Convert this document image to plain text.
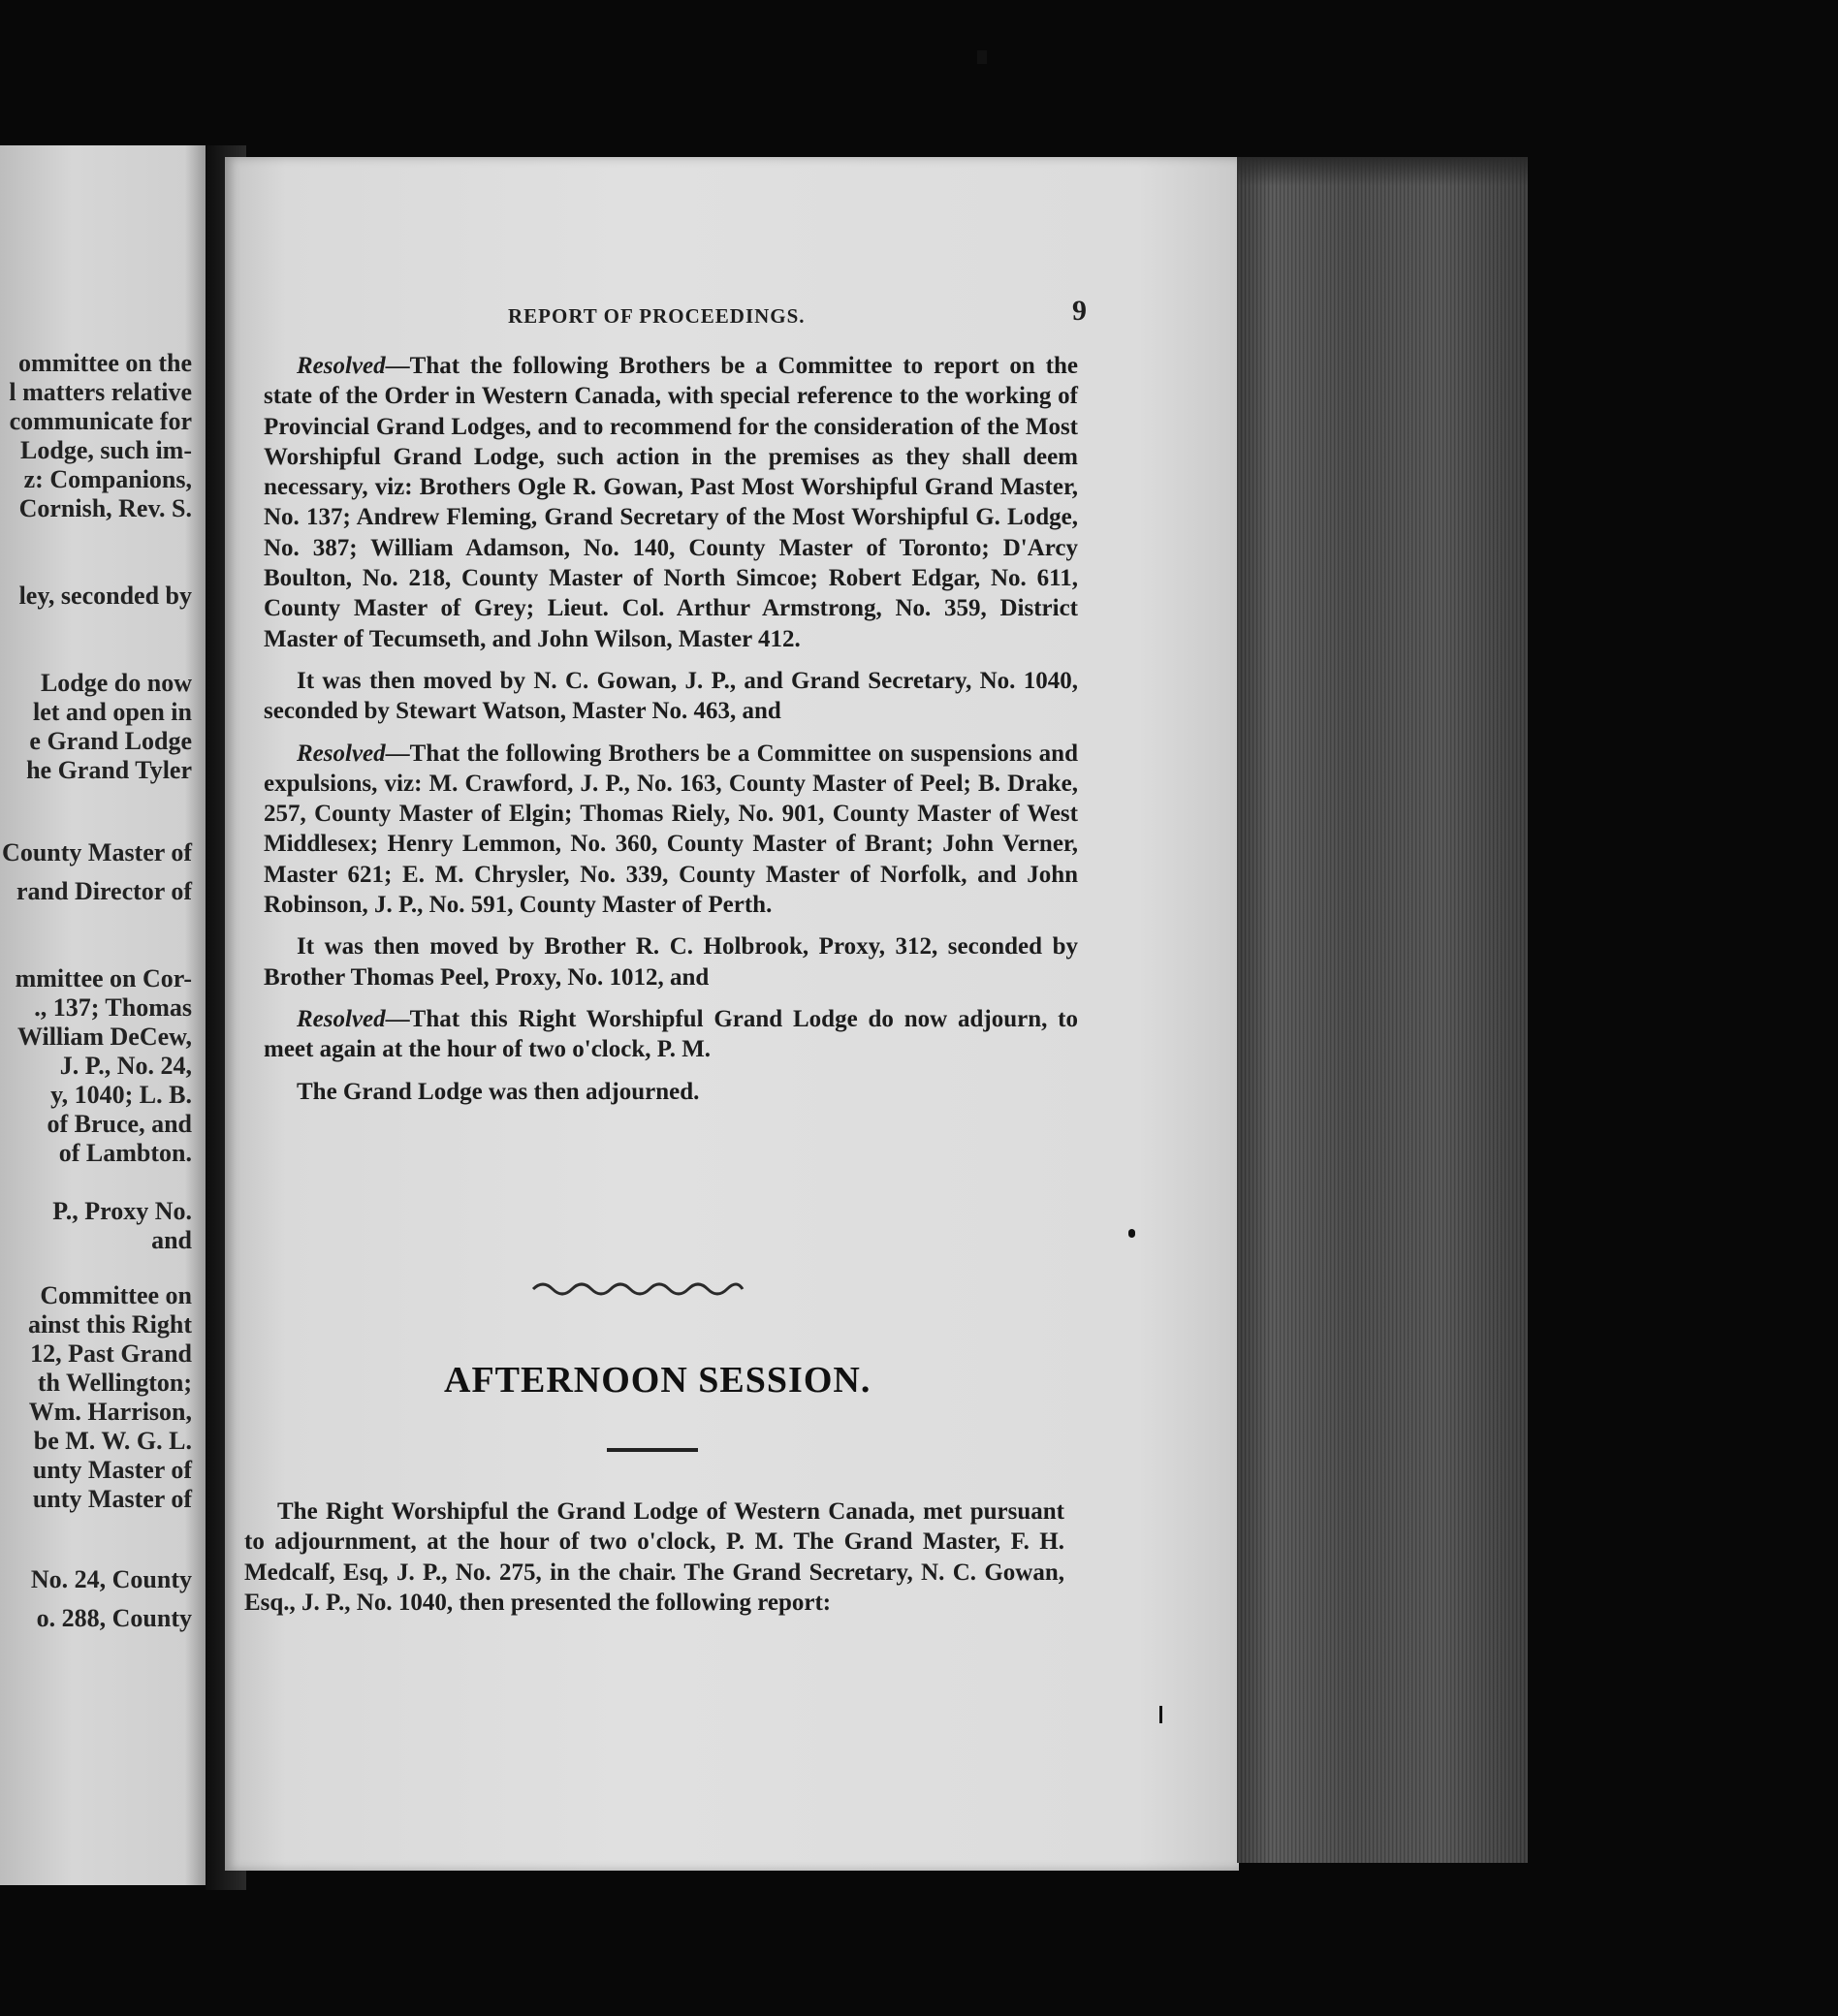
ommittee on the
l matters relative
communicate for
Lodge, such im-
z: Companions,
Cornish, Rev. S.
ley, seconded by
Lodge do now
let and open in
e Grand Lodge
he Grand Tyler
County Master of
rand Director of
mmittee on Cor-
., 137; Thomas
William DeCew,
J. P., No. 24,
y, 1040; L. B.
of Bruce, and
of Lambton.
P., Proxy No.
and
Committee on
ainst this Right
12, Past Grand
th Wellington;
Wm. Harrison,
be M. W. G. L.
unty Master of
unty Master of
No. 24, County
o. 288, County
REPORT OF PROCEEDINGS.	9

Resolved—That the following Brothers be a Committee to report on the state of the Order in Western Canada, with special reference to the working of Provincial Grand Lodges, and to recommend for the consideration of the Most Worshipful Grand Lodge, such action in the premises as they shall deem necessary, viz: Brothers Ogle R. Gowan, Past Most Worshipful Grand Master, No. 137; Andrew Fleming, Grand Secretary of the Most Worshipful G. Lodge, No. 387; William Adamson, No. 140, County Master of Toronto; D'Arcy Boulton, No. 218, County Master of North Simcoe; Robert Edgar, No. 611, County Master of Grey; Lieut. Col. Arthur Armstrong, No. 359, District Master of Tecumseth, and John Wilson, Master 412.

It was then moved by N. C. Gowan, J. P., and Grand Secretary, No. 1040, seconded by Stewart Watson, Master No. 463, and

Resolved—That the following Brothers be a Committee on suspensions and expulsions, viz: M. Crawford, J. P., No. 163, County Master of Peel; B. Drake, 257, County Master of Elgin; Thomas Riely, No. 901, County Master of West Middlesex; Henry Lemmon, No. 360, County Master of Brant; John Verner, Master 621; E. M. Chrysler, No. 339, County Master of Norfolk, and John Robinson, J. P., No. 591, County Master of Perth.

It was then moved by Brother R. C. Holbrook, Proxy, 312, seconded by Brother Thomas Peel, Proxy, No. 1012, and

Resolved—That this Right Worshipful Grand Lodge do now adjourn, to meet again at the hour of two o'clock, P. M.

The Grand Lodge was then adjourned.

AFTERNOON SESSION.

The Right Worshipful the Grand Lodge of Western Canada, met pursuant to adjournment, at the hour of two o'clock, P. M. The Grand Master, F. H. Medcalf, Esq, J. P., No. 275, in the chair. The Grand Secretary, N. C. Gowan, Esq., J. P., No. 1040, then presented the following report:
